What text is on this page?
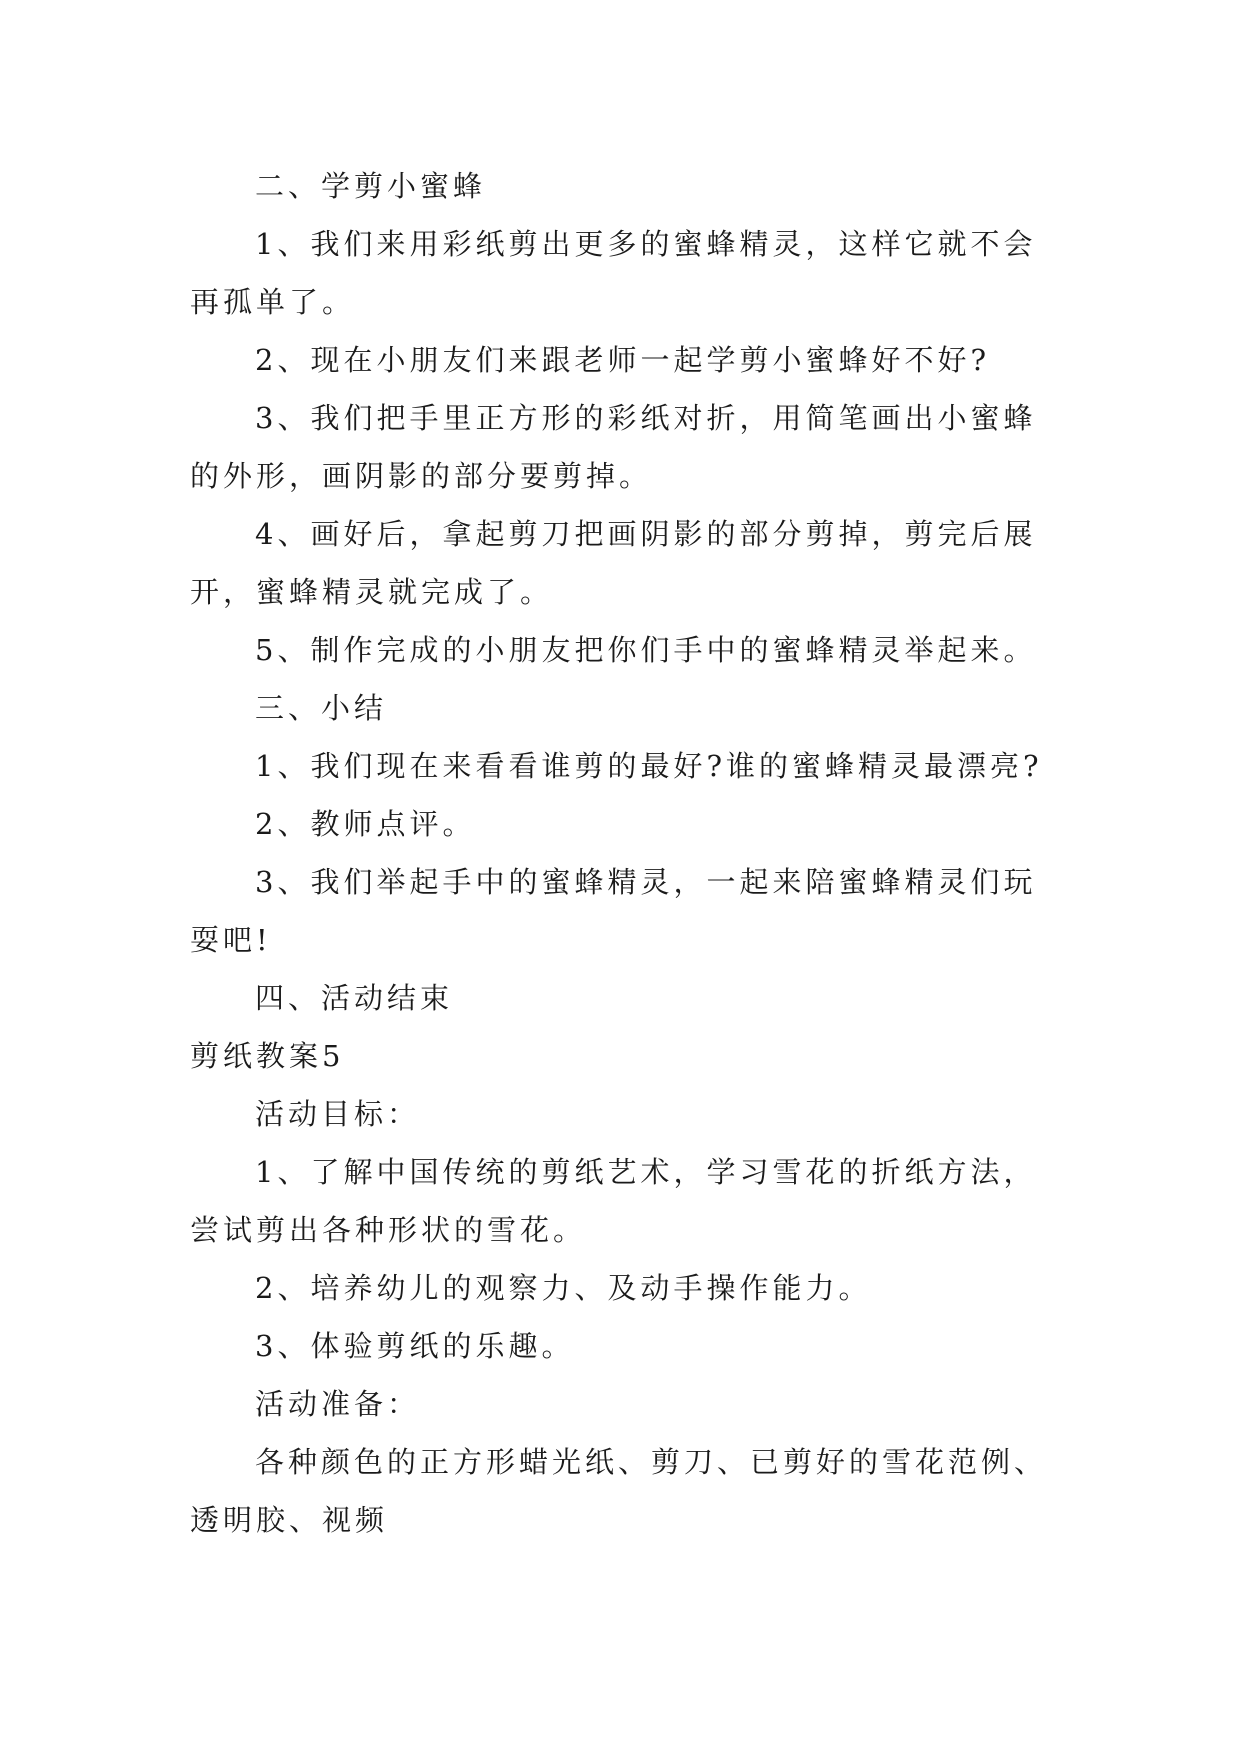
二、学剪小蜜蜂
1、我们来用彩纸剪出更多的蜜蜂精灵，这样它就不会
再孤单了。
2、现在小朋友们来跟老师一起学剪小蜜蜂好不好?
3、我们把手里正方形的彩纸对折，用简笔画出小蜜蜂
的外形，画阴影的部分要剪掉。
4、画好后，拿起剪刀把画阴影的部分剪掉，剪完后展
开，蜜蜂精灵就完成了。
5、制作完成的小朋友把你们手中的蜜蜂精灵举起来。
三、小结
1、我们现在来看看谁剪的最好?谁的蜜蜂精灵最漂亮?
2、教师点评。
3、我们举起手中的蜜蜂精灵，一起来陪蜜蜂精灵们玩
耍吧!
四、活动结束
剪纸教案5
活动目标：
1、了解中国传统的剪纸艺术，学习雪花的折纸方法，
尝试剪出各种形状的雪花。
2、培养幼儿的观察力、及动手操作能力。
3、体验剪纸的乐趣。
活动准备：
各种颜色的正方形蜡光纸、剪刀、已剪好的雪花范例、
透明胶、视频
